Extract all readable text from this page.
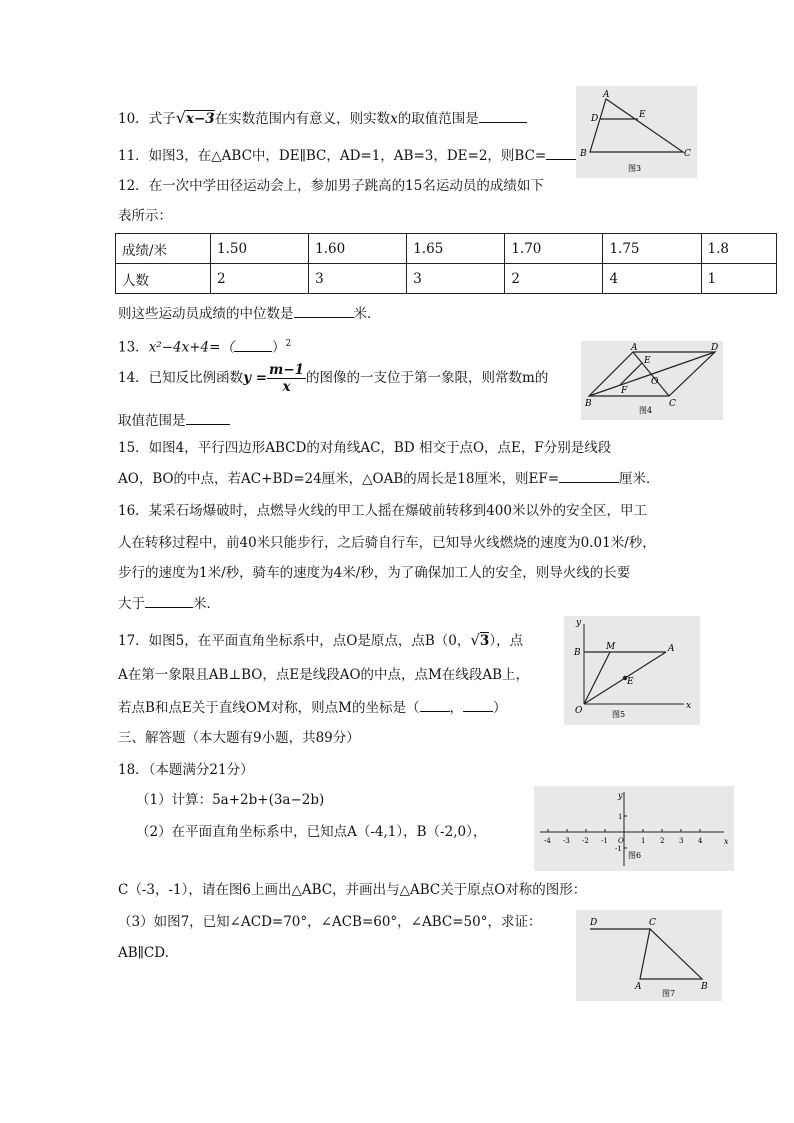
10．式子√x−3在实数范围内有意义，则实数x的取值范围是
11．如图3，在△ABC中，DE∥BC，AD=1，AB=3，DE=2，则BC=
12．在一次中学田径运动会上，参加男子跳高的15名运动员的成绩如下
表所示：
成绩/米	1.50	1.60	1.65	1.70	1.75	1.8
人数	2	3	3	2	4	1
则这些运动员成绩的中位数是	米．
13．x²−4x+4=（	）$^2$
14．已知反比例函数$y = \frac{m-1}{x}$ 的图像的一支位于第一象限，则常数m的
取值范围是
15．如图4，平行四边形ABCD的对角线AC，BD 相交于点O，点E，F分别是线段
AO，BO的中点，若AC+BD=24厘米，△OAB的周长是18厘米，则EF=	厘米．
16．某采石场爆破时，点燃导火线的甲工人摇在爆破前转移到400米以外的安全区，甲工
人在转移过程中，前40米只能步行，之后骑自行车，已知导火线燃烧的速度为0.01米/秒，
步行的速度为1米/秒，骑车的速度为4米/秒，为了确保加工人的安全，则导火线的长要
大于	米．
17．如图5，在平面直角坐标系中，点O是原点，点B（0，√3），点
A在第一象限且AB⊥BO，点E是线段AO的中点，点M在线段AB上，
若点B和点E关于直线OM对称，则点M的坐标是（ ， ）
三、解答题（本大题有9小题，共89分）
18．（本题满分21分）
（1）计算：5a+2b+(3a−2b)
（2）在平面直角坐标系中，已知点A（-4,1），B（-2,0），
C（-3，-1），请在图6上画出△ABC，并画出与△ABC关于原点O对称的图形：
（3）如图7，已知∠ACD=70°，∠ACB=60°，∠ABC=50°，求证：
AB∥CD.
A
D	E
B	C
图3
A	D
E
O
F
B	C
图4
y
x
O
B
M	A
E
图5
-4 -3 -2 -1 O 1 2 3 4
1
-1
y
x
图6
D	C
A	B
图7
